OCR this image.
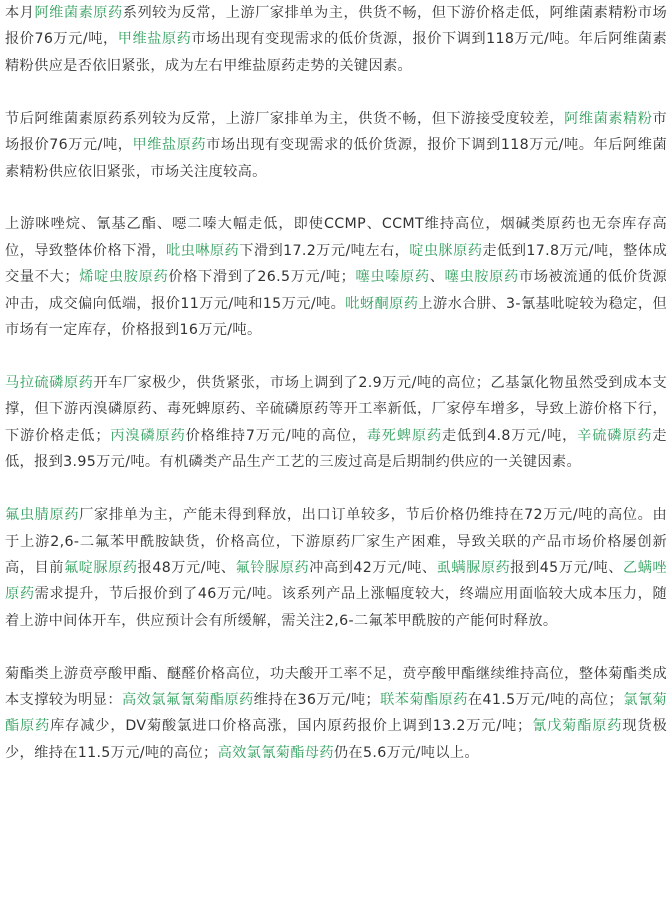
本月阿维菌素原药系列较为反常，上游厂家排单为主，供货不畅，但下游价格走低，阿维菌素精粉市场报价76万元/吨，甲维盐原药市场出现有变现需求的低价货源，报价下调到118万元/吨。年后阿维菌素精粉供应是否依旧紧张，成为左右甲维盐原药走势的关键因素。

节后阿维菌素原药系列较为反常，上游厂家排单为主，供货不畅，但下游接受度较差，阿维菌素精粉市场报价76万元/吨，甲维盐原药市场出现有变现需求的低价货源，报价下调到118万元/吨。年后阿维菌素精粉供应依旧紧张，市场关注度较高。

上游咪唑烷、氰基乙酯、噁二嗪大幅走低，即使CCMP、CCMT维持高位，烟碱类原药也无奈库存高位，导致整体价格下滑，吡虫啉原药下滑到17.2万元/吨左右，啶虫脒原药走低到17.8万元/吨，整体成交量不大；烯啶虫胺原药价格下滑到了26.5万元/吨；噻虫嗪原药、噻虫胺原药市场被流通的低价货源冲击，成交偏向低端，报价11万元/吨和15万元/吨。吡蚜酮原药上游水合肼、3-氰基吡啶较为稳定，但市场有一定库存，价格报到16万元/吨。

马拉硫磷原药开车厂家极少，供货紧张，市场上调到了2.9万元/吨的高位；乙基氯化物虽然受到成本支撑，但下游丙溴磷原药、毒死蜱原药、辛硫磷原药等开工率新低，厂家停车增多，导致上游价格下行，下游价格走低；丙溴磷原药价格维持7万元/吨的高位，毒死蜱原药走低到4.8万元/吨，辛硫磷原药走低，报到3.95万元/吨。有机磷类产品生产工艺的三废过高是后期制约供应的一关键因素。

氟虫腈原药厂家排单为主，产能未得到释放，出口订单较多，节后价格仍维持在72万元/吨的高位。由于上游2,6-二氟苯甲酰胺缺货，价格高位，下游原药厂家生产困难，导致关联的产品市场价格屡创新高，目前氟啶脲原药报48万元/吨、氟铃脲原药冲高到42万元/吨、虱螨脲原药报到45万元/吨、乙螨唑原药需求提升，节后报价到了46万元/吨。该系列产品上涨幅度较大，终端应用面临较大成本压力，随着上游中间体开车，供应预计会有所缓解，需关注2,6-二氟苯甲酰胺的产能何时释放。

菊酯类上游贲亭酸甲酯、醚醛价格高位，功夫酸开工率不足，贲亭酸甲酯继续维持高位，整体菊酯类成本支撑较为明显：高效氯氟氰菊酯原药维持在36万元/吨；联苯菊酯原药在41.5万元/吨的高位；氯氰菊酯原药库存减少，DV菊酸氯进口价格高涨，国内原药报价上调到13.2万元/吨；氰戊菊酯原药现货极少，维持在11.5万元/吨的高位；高效氯氰菊酯母药仍在5.6万元/吨以上。
